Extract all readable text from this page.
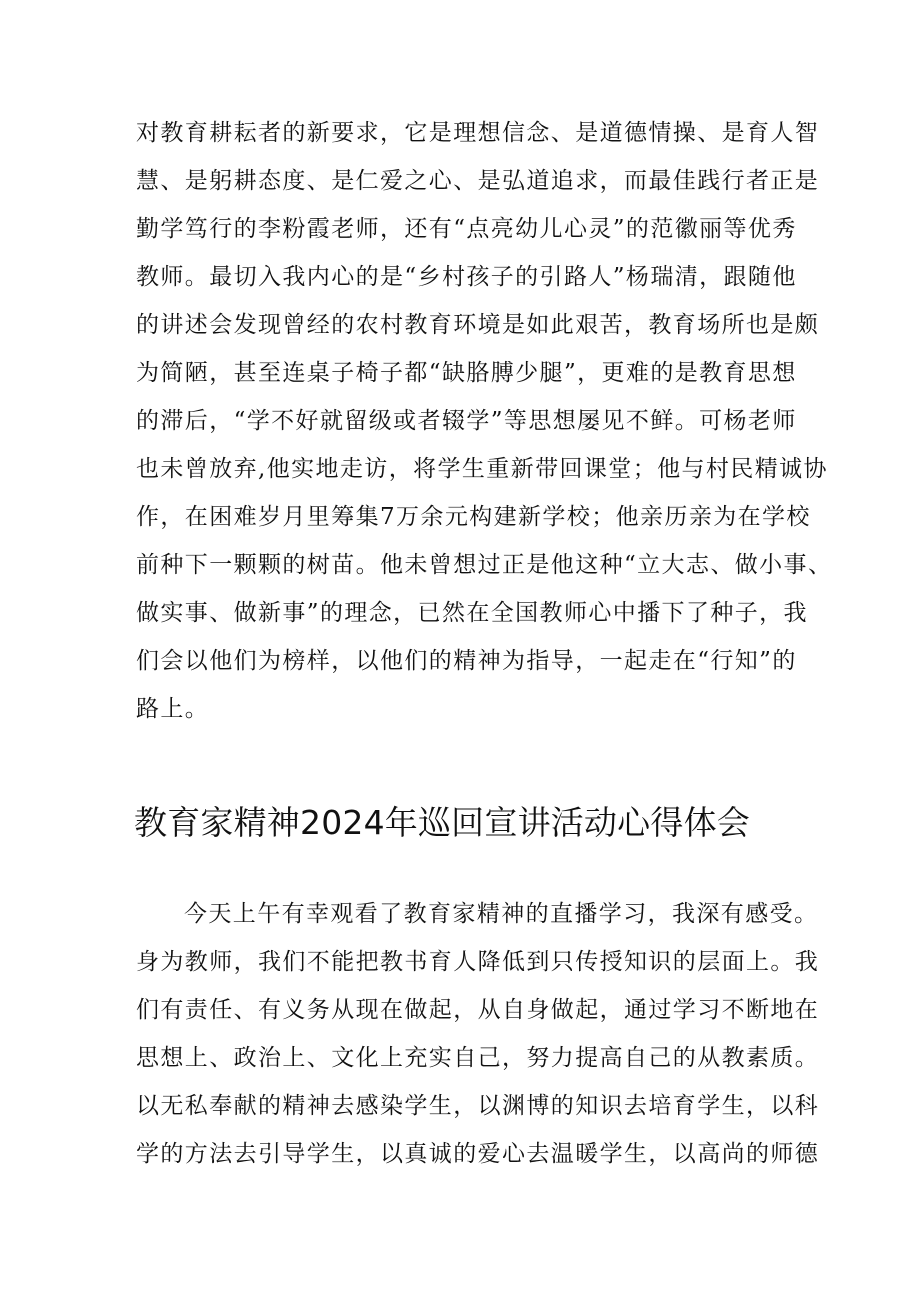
对教育耕耘者的新要求，它是理想信念、是道德情操、是育人智
慧、是躬耕态度、是仁爱之心、是弘道追求，而最佳践行者正是
勤学笃行的李粉霞老师，还有“点亮幼儿心灵”的范徽丽等优秀
教师。最切入我内心的是“乡村孩子的引路人”杨瑞清，跟随他
的讲述会发现曾经的农村教育环境是如此艰苦，教育场所也是颇
为简陋，甚至连桌子椅子都“缺胳膊少腿”，更难的是教育思想
的滞后，“学不好就留级或者辍学”等思想屡见不鲜。可杨老师
也未曾放弃,他实地走访，将学生重新带回课堂；他与村民精诚协
作，在困难岁月里筹集7万余元构建新学校；他亲历亲为在学校
前种下一颗颗的树苗。他未曾想过正是他这种“立大志、做小事、
做实事、做新事”的理念，已然在全国教师心中播下了种子，我
们会以他们为榜样，以他们的精神为指导，一起走在“行知”的
路上。
教育家精神2024年巡回宣讲活动心得体会
今天上午有幸观看了教育家精神的直播学习，我深有感受。
身为教师，我们不能把教书育人降低到只传授知识的层面上。我
们有责任、有义务从现在做起，从自身做起，通过学习不断地在
思想上、政治上、文化上充实自己，努力提高自己的从教素质。
以无私奉献的精神去感染学生，以渊博的知识去培育学生，以科
学的方法去引导学生，以真诚的爱心去温暖学生，以高尚的师德
